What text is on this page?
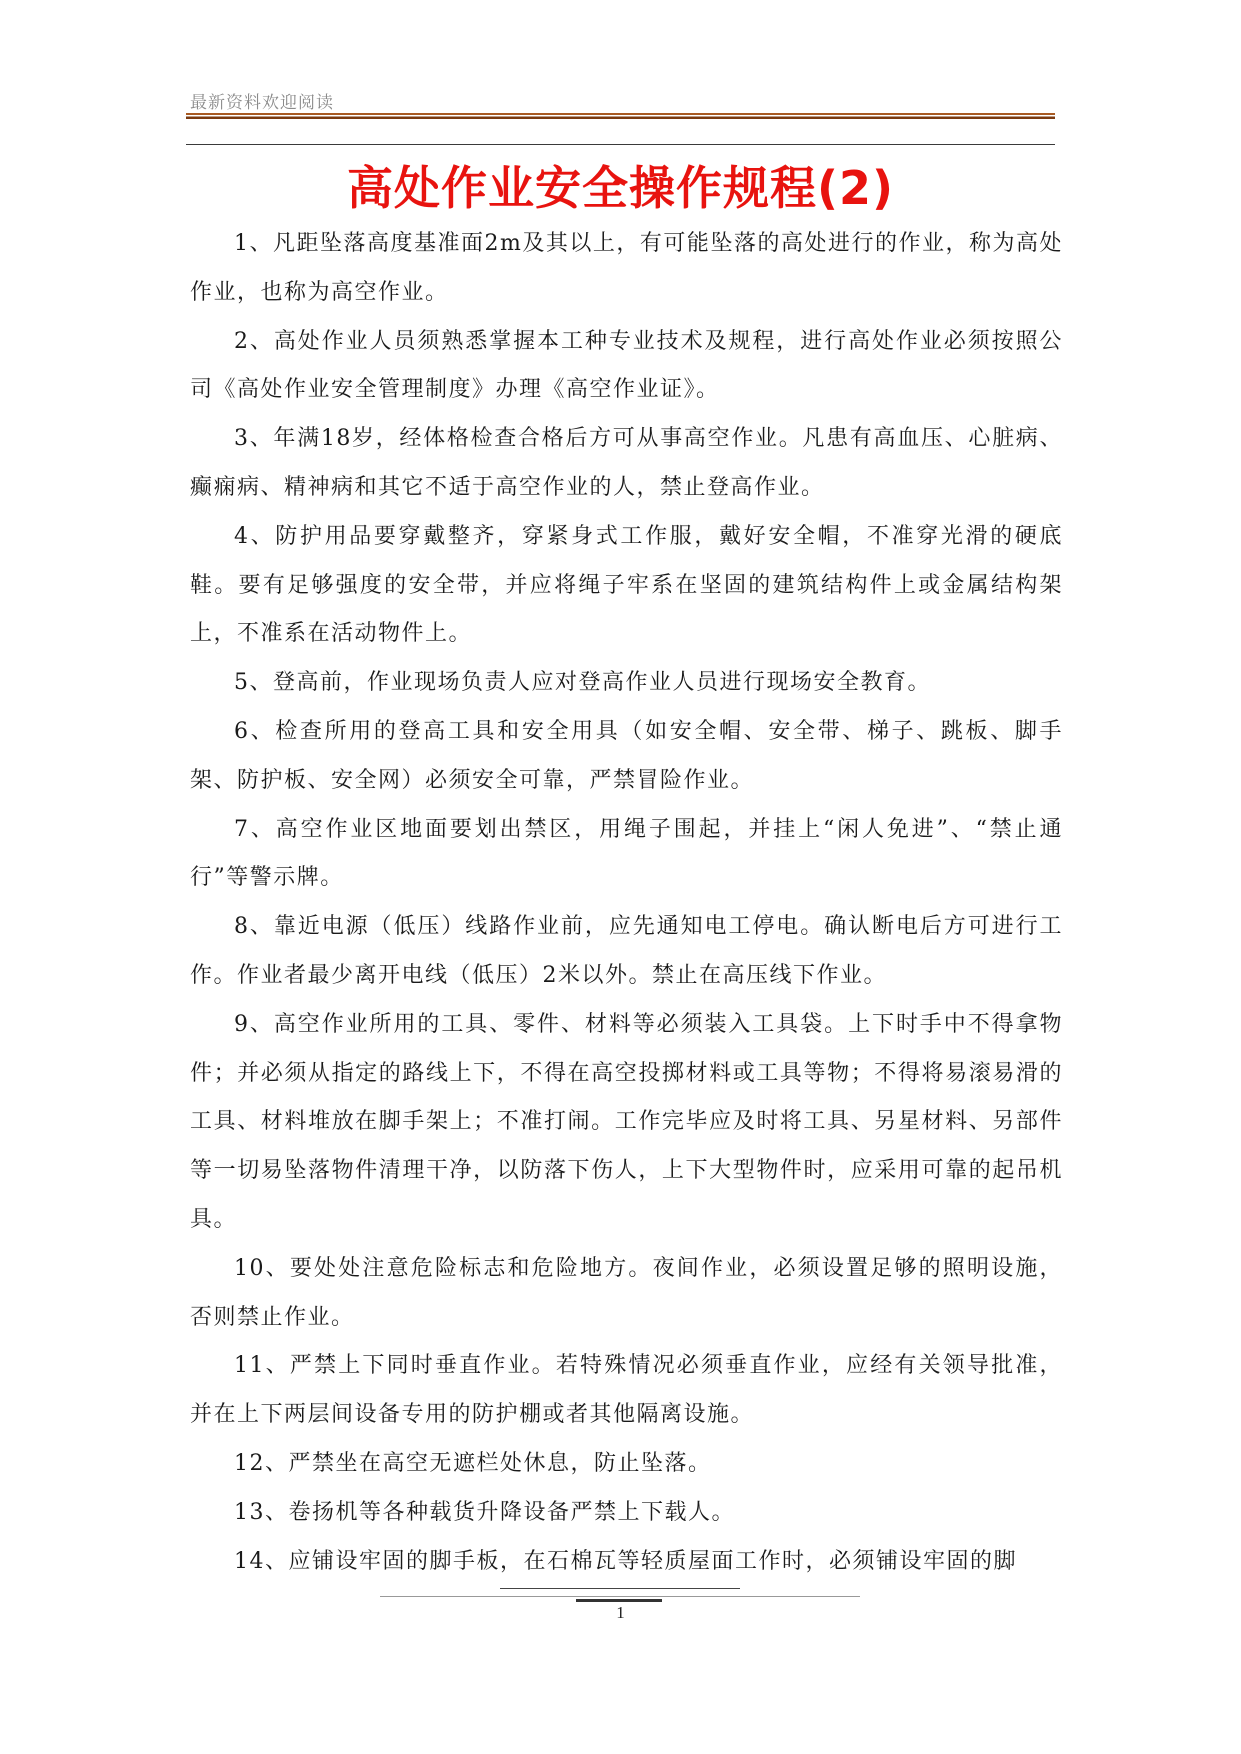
最新资料欢迎阅读
高处作业安全操作规程(2)

1、凡距坠落高度基准面2m及其以上，有可能坠落的高处进行的作业，称为高处作业，也称为高空作业。

2、高处作业人员须熟悉掌握本工种专业技术及规程，进行高处作业必须按照公司《高处作业安全管理制度》办理《高空作业证》。

3、年满18岁，经体格检查合格后方可从事高空作业。凡患有高血压、心脏病、癫痫病、精神病和其它不适于高空作业的人，禁止登高作业。

4、防护用品要穿戴整齐，穿紧身式工作服，戴好安全帽，不准穿光滑的硬底鞋。要有足够强度的安全带，并应将绳子牢系在坚固的建筑结构件上或金属结构架上，不准系在活动物件上。

5、登高前，作业现场负责人应对登高作业人员进行现场安全教育。

6、检查所用的登高工具和安全用具（如安全帽、安全带、梯子、跳板、脚手架、防护板、安全网）必须安全可靠，严禁冒险作业。

7、高空作业区地面要划出禁区，用绳子围起，并挂上“闲人免进”、“禁止通行”等警示牌。

8、靠近电源（低压）线路作业前，应先通知电工停电。确认断电后方可进行工作。作业者最少离开电线（低压）2米以外。禁止在高压线下作业。

9、高空作业所用的工具、零件、材料等必须装入工具袋。上下时手中不得拿物件；并必须从指定的路线上下，不得在高空投掷材料或工具等物；不得将易滚易滑的工具、材料堆放在脚手架上；不准打闹。工作完毕应及时将工具、另星材料、另部件等一切易坠落物件清理干净，以防落下伤人，上下大型物件时，应采用可靠的起吊机具。

10、要处处注意危险标志和危险地方。夜间作业，必须设置足够的照明设施，否则禁止作业。

11、严禁上下同时垂直作业。若特殊情况必须垂直作业，应经有关领导批准，并在上下两层间设备专用的防护棚或者其他隔离设施。

12、严禁坐在高空无遮栏处休息，防止坠落。

13、卷扬机等各种载货升降设备严禁上下载人。

14、应铺设牢固的脚手板，在石棉瓦等轻质屋面工作时，必须铺设牢固的脚

1
